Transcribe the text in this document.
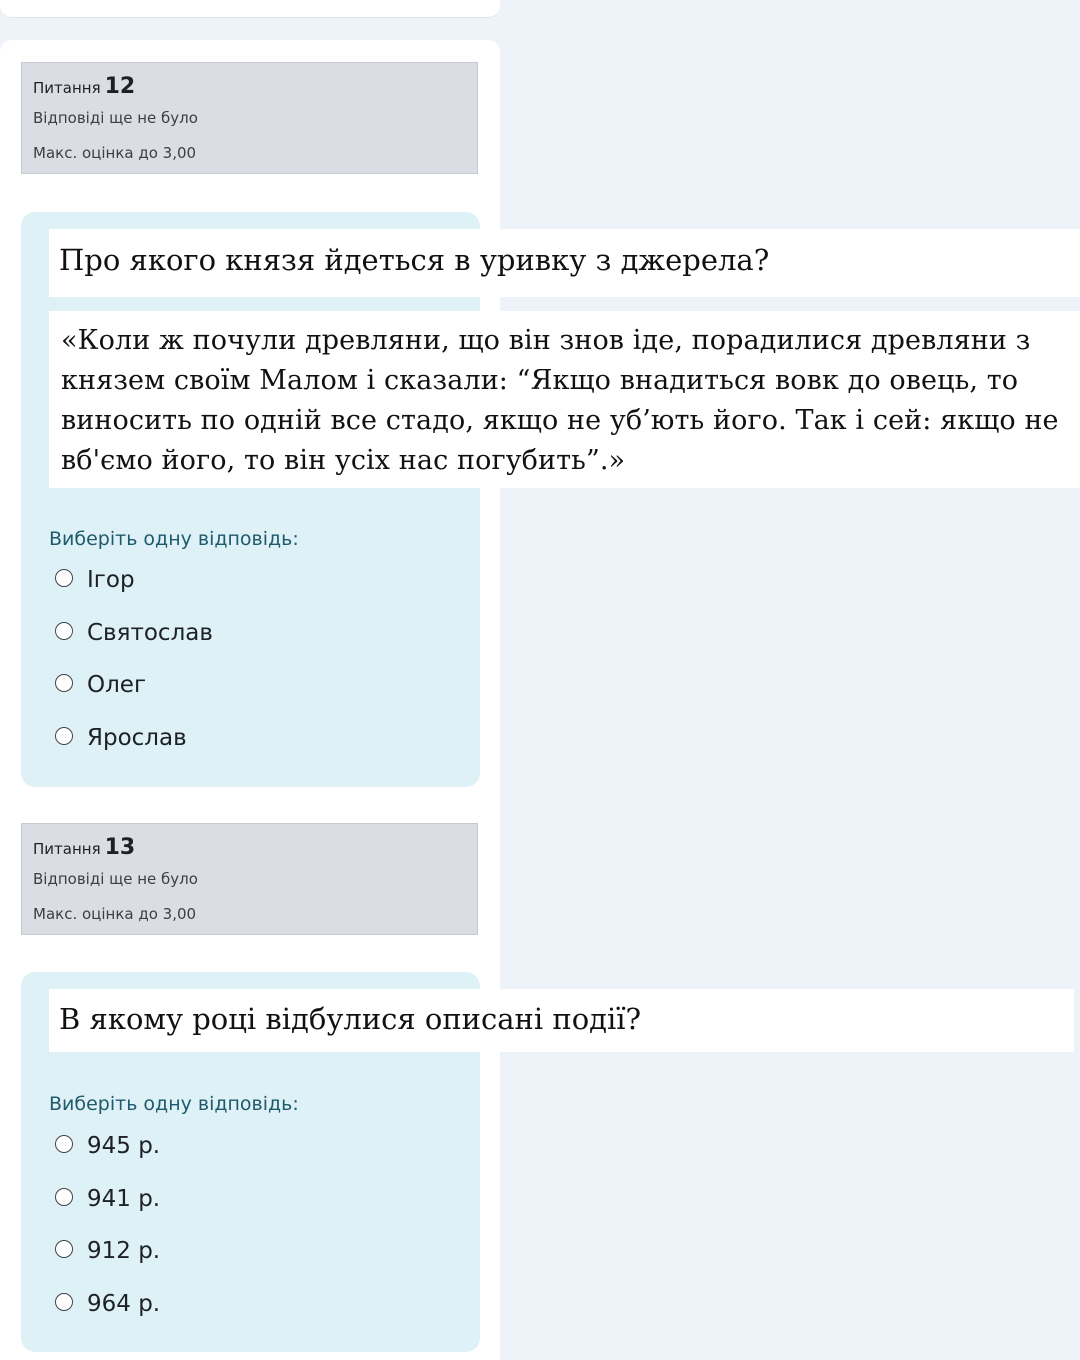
Питання 12
Відповіді ще не було
Макс. оцінка до 3,00
Про якого князя йдеться в уривку з джерела?
«Коли ж почули древляни, що він знов іде, порадилися древляни з князем своїм Малом і сказали: “Якщо внадиться вовк до овець, то виносить по одній все стадо, якщо не уб’ють його. Так і сей: якщо не вб'ємо його, то він усіх нас погубить”.»
Виберіть одну відповідь:
Ігор
Святослав
Олег
Ярослав
Питання 13
Відповіді ще не було
Макс. оцінка до 3,00
В якому році відбулися описані події?
Виберіть одну відповідь:
945 р.
941 р.
912 р.
964 р.
